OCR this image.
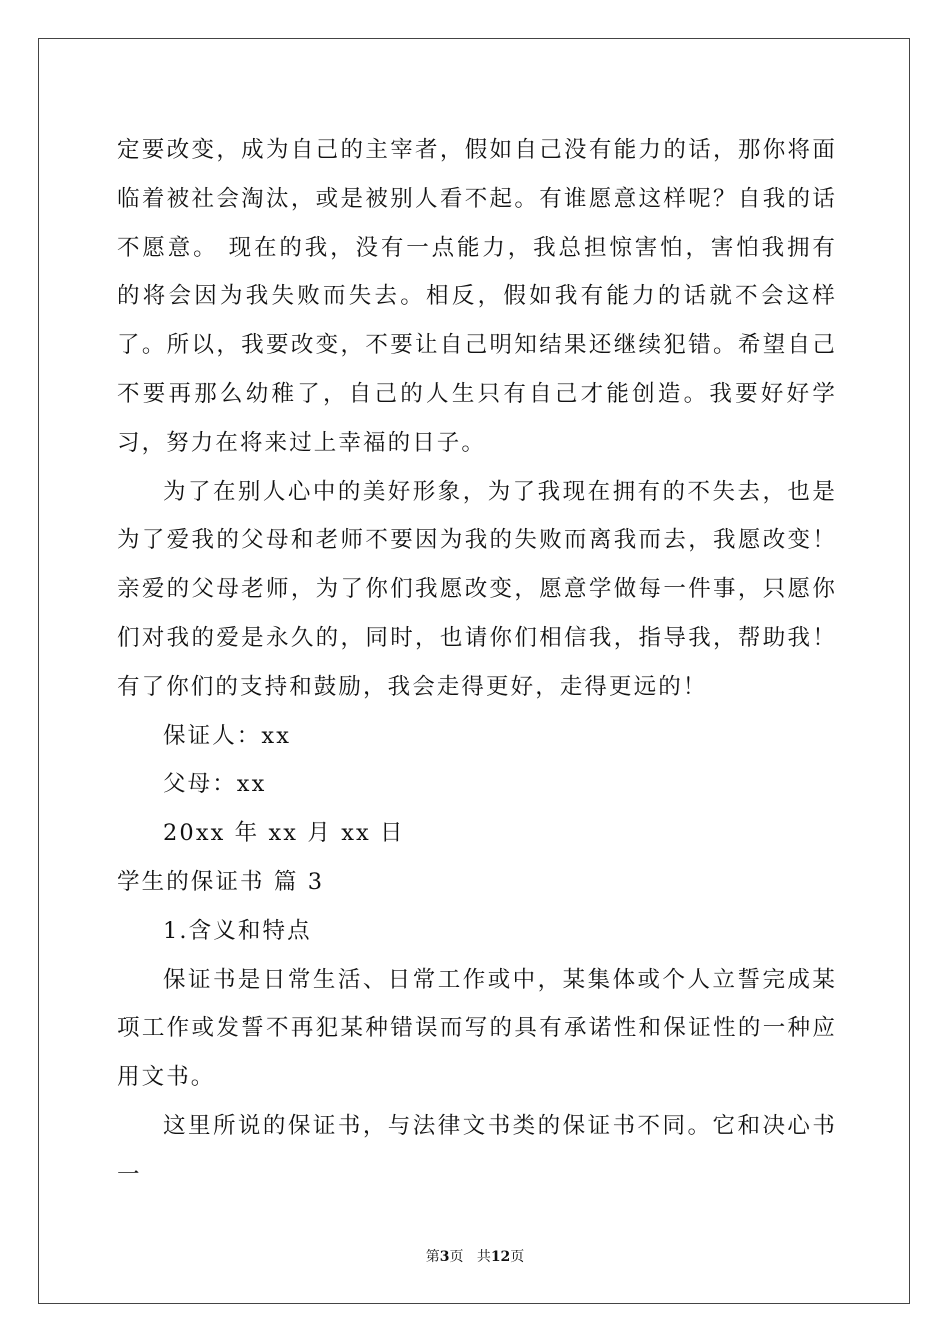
定要改变，成为自己的主宰者，假如自己没有能力的话，那你将面临着被社会淘汰，或是被别人看不起。有谁愿意这样呢？自我的话不愿意。 现在的我，没有一点能力，我总担惊害怕，害怕我拥有的将会因为我失败而失去。相反，假如我有能力的话就不会这样了。所以，我要改变，不要让自己明知结果还继续犯错。希望自己不要再那么幼稚了，自己的人生只有自己才能创造。我要好好学习，努力在将来过上幸福的日子。

为了在别人心中的美好形象，为了我现在拥有的不失去，也是为了爱我的父母和老师不要因为我的失败而离我而去，我愿改变！亲爱的父母老师，为了你们我愿改变，愿意学做每一件事，只愿你们对我的爱是永久的，同时，也请你们相信我，指导我，帮助我！有了你们的支持和鼓励，我会走得更好，走得更远的！

保证人：xx

父母：xx

20xx 年 xx 月 xx 日

学生的保证书 篇 3

1.含义和特点

保证书是日常生活、日常工作或中，某集体或个人立誓完成某项工作或发誓不再犯某种错误而写的具有承诺性和保证性的一种应用文书。

这里所说的保证书，与法律文书类的保证书不同。它和决心书一

第3页 共12页
